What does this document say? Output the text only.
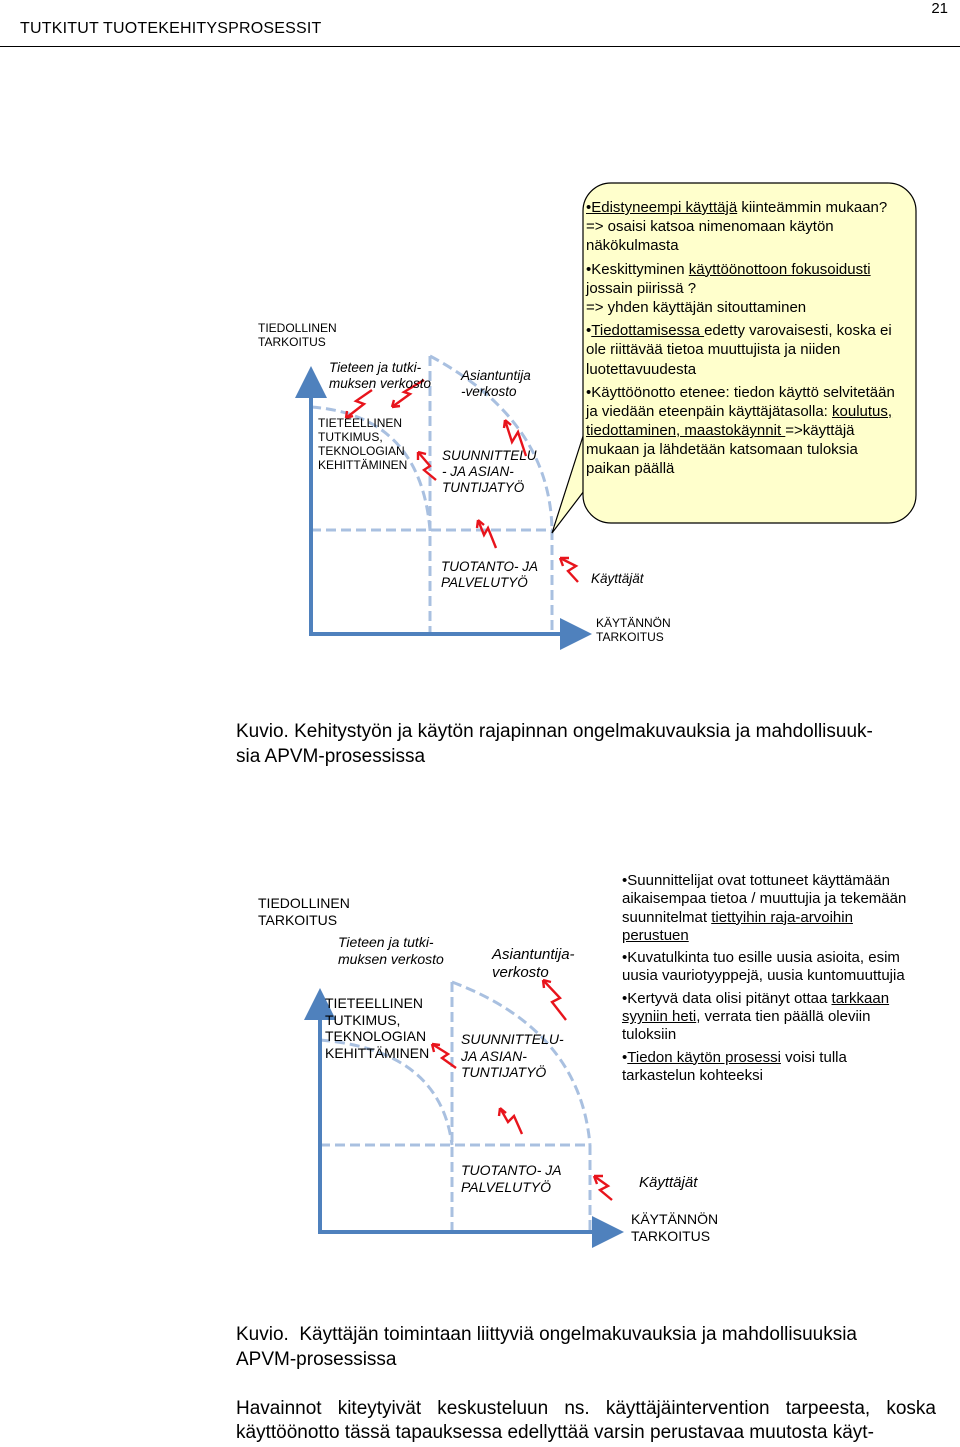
TUTKITUT TUOTEKEHITYSPROSESSIT
21
TIEDOLLINEN
TARKOITUS
Tieteen ja tutki-
muksen verkosto
Asiantuntija
-verkosto
TIETEELLINEN
TUTKIMUS,
TEKNOLOGIAN
KEHITTÄMINEN
SUUNNITTELU
- JA ASIAN-
TUNTIJATYÖ
TUOTANTO- JA
PALVELUTYÖ	Käyttäjät
KÄYTÄNNÖN
TARKOITUS

•Edistyneempi käyttäjä kiinteämmin mukaan? => osaisi katsoa nimenomaan käytön näkökulmasta

•Keskittyminen käyttöönottoon fokusoidusti jossain piirissä ?
=> yhden käyttäjän sitouttaminen

•Tiedottamisessa edetty varovaisesti, koska ei ole riittävää tietoa muuttujista ja niiden luotettavuudesta

•Käyttöönotto etenee: tiedon käyttö selvitetään ja viedään eteenpäin käyttäjätasolla: koulutus, tiedottaminen, maastokäynnit =>käyttäjä mukaan ja lähdetään katsomaan tuloksia paikan päällä

Kuvio. Kehitystyön ja käytön rajapinnan ongelmakuvauksia ja mahdollisuuk-
sia APVM-prosessissa
TIEDOLLINEN
TARKOITUS
Tieteen ja tutki-
muksen verkosto	Asiantuntija-
verkosto
TIETEELLINEN
TUTKIMUS,
TEKNOLOGIAN
KEHITTÄMINEN
SUUNNITTELU-
JA ASIAN-
TUNTIJATYÖ
TUOTANTO- JA
PALVELUTYÖ	Käyttäjät
KÄYTÄNNÖN
TARKOITUS

•Suunnittelijat ovat tottuneet käyttämään aikaisempaa tietoa / muuttujia ja tekemään suunnitelmat tiettyihin raja-arvoihin perustuen

•Kuvatulkinta tuo esille uusia asioita, esim uusia vauriotyyppejä, uusia kuntomuuttujia

•Kertyvä data olisi pitänyt ottaa tarkkaan syyniin heti, verrata tien päällä oleviin tuloksiin

•Tiedon käytön prosessi voisi tulla tarkastelun kohteeksi

Kuvio.  Käyttäjän toimintaan liittyviä ongelmakuvauksia ja mahdollisuuksia
APVM-prosessissa
Havainnot kiteytyivät keskusteluun ns. käyttäjäintervention tarpeesta, koska käyttöönotto tässä tapauksessa edellyttää varsin perustavaa muutosta käyt-
